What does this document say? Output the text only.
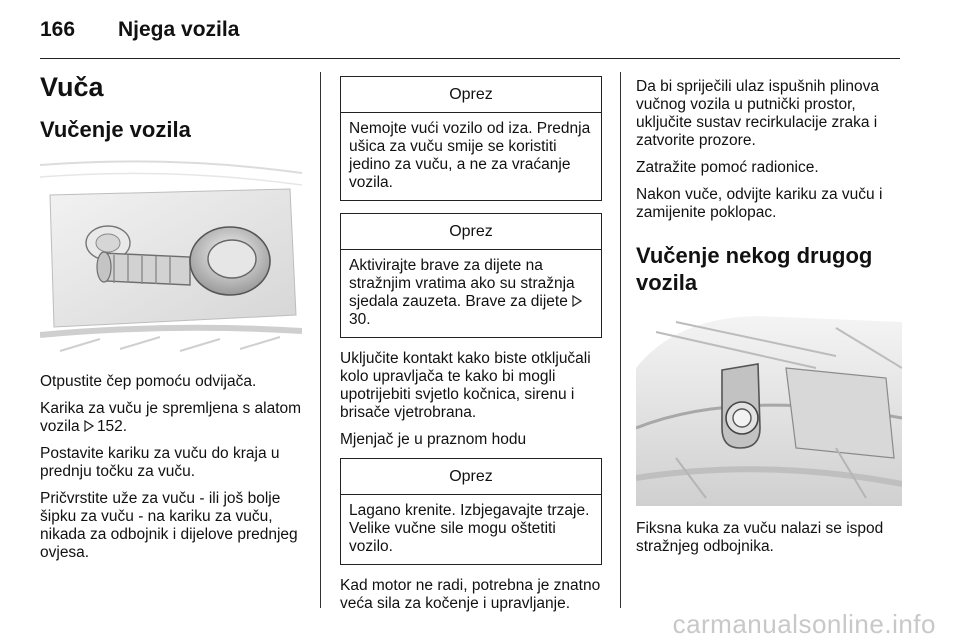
166 Njega vozila
Vuča
Vučenje vozila

Otpustite čep pomoću odvijača.

Karika za vuču je spremljena s alatom vozila 152.

Postavite kariku za vuču do kraja u prednju točku za vuču.

Pričvrstite uže za vuču - ili još bolje šipku za vuču - na kariku za vuču, nikada za odbojnik i dijelove prednjeg ovjesa.

Oprez
Nemojte vući vozilo od iza. Prednja ušica za vuču smije se koristiti jedino za vuču, a ne za vraćanje vozila.
Oprez
Aktivirajte brave za dijete na stražnjim vratima ako su stražnja sjedala zauzeta. Brave za dijete 30.

Uključite kontakt kako biste otključali kolo upravljača te kako bi mogli upotrijebiti svjetlo kočnica, sirenu i brisače vjetrobrana.

Mjenjač je u praznom hodu

Oprez
Lagano krenite. Izbjegavajte trzaje. Velike vučne sile mogu oštetiti vozilo.

Kad motor ne radi, potrebna je znatno veća sila za kočenje i upravljanje.

Da bi spriječili ulaz ispušnih plinova vučnog vozila u putnički prostor, uključite sustav recirkulacije zraka i zatvorite prozore.

Zatražite pomoć radionice.

Nakon vuče, odvijte kariku za vuču i zamijenite poklopac.

Vučenje nekog drugog vozila

Fiksna kuka za vuču nalazi se ispod stražnjeg odbojnika.

carmanualsonline.info
